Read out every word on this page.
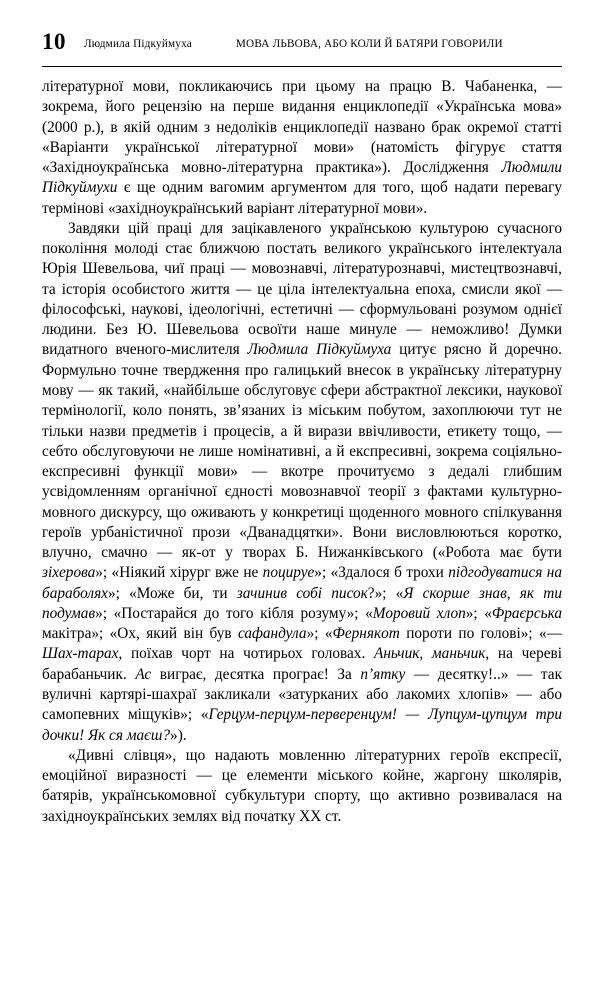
10	Людмила Підкуймуха	МОВА ЛЬВОВА, АБО КОЛИ Й БАТЯРИ ГОВОРИЛИ

літературної мови, покликаючись при цьому на працю В. Чабаненка, — зокрема, його рецензію на перше видання енциклопедії «Українська мова» (2000 р.), в якій одним з недоліків енциклопедії названо брак окремої статті «Варіанти української літературної мови» (натомість фігурує стаття «Західноукраїнська мовно-літературна практика»). Дослідження Людмили Підкуймухи є ще одним вагомим аргументом для того, щоб надати перевагу термінові «західноукраїнський варіант літературної мови».

Завдяки цій праці для зацікавленого українською культурою сучасного покоління молоді стає ближчою постать великого українського інтелектуала Юрія Шевельова, чиї праці — мовознавчі, літературознавчі, мистецтвознавчі, та історія особистого життя — це ціла інтелектуальна епоха, смисли якої — філософські, наукові, ідеологічні, естетичні — сформульовані розумом однієї людини. Без Ю. Шевельова освоїти наше минуле — неможливо! Думки видатного вченого-мислителя Людмила Підкуймуха цитує рясно й доречно. Формульно точне твердження про галицький внесок в українську літературну мову — як такий, «найбільше обслуговує сфери абстрактної лексики, наукової термінології, коло понять, зв’язаних із міським побутом, захоплюючи тут не тільки назви предметів і процесів, а й вирази ввічливости, етикету тощо, — себто обслуговуючи не лише номінативні, а й експресивні, зокрема соціяльно-експресивні функції мови» — вкотре прочитуємо з дедалі глибшим усвідомленням органічної єдності мовознавчої теорії з фактами культурно-мовного дискурсу, що оживають у конкретиці щоденного мовного спілкування героїв урбаністичної прози «Дванадцятки». Вони висловлюються коротко, влучно, смачно — як-от у творах Б. Нижанківського («Робота має бути зіхерова»; «Ніякий хірург вже не поцируе»; «Здалося б трохи підгодуватися на бараболях»; «Може би, ти зачинив собі писок?»; «Я скорше знав, як ти подумав»; «Постарайся до того кібля розуму»; «Моровий хлоп»; «Фраєрська макітра»; «Ох, який він був сафандула»; «Фернякom пороти по голові»; «— Шах-тарах, поїхав чорт на чотирьох головах. Аньчик, маньчик, на череві барабаньчик. Ас виграє, десятка програє! За п’ятку — десятку!..» — так вуличні картярі-шахраї закликали «затурканих або лакомих хлопів» — або самопевних міщуків»; «Герцум-перцум-перверенцум! — Лупцум-цупцум три дочки! Як ся маєш?»).

«Дивні слівця», що надають мовленню літературних героїв експресії, емоційної виразності — це елементи міського койне, жаргону школярів, батярів, українськомовної субкультури спорту, що активно розвивалася на західноукраїнських землях від початку XX ст.
